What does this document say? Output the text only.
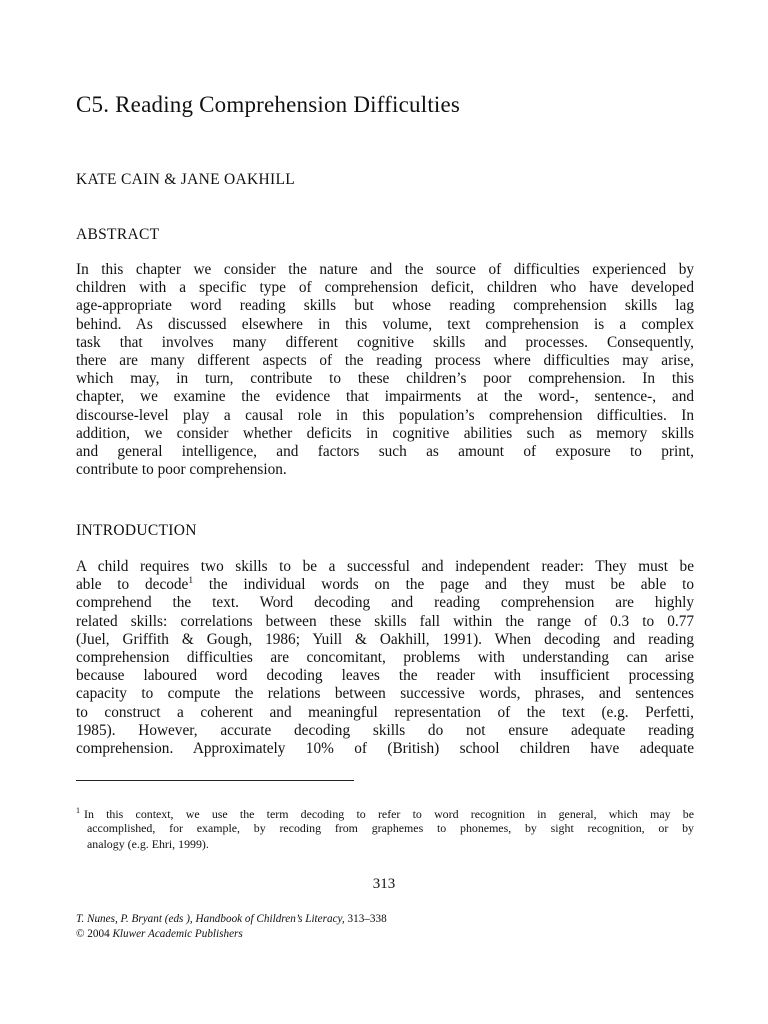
C5. Reading Comprehension Difficulties
KATE CAIN & JANE OAKHILL
ABSTRACT
In this chapter we consider the nature and the source of difficulties experienced by
children with a specific type of comprehension deficit, children who have developed
age-appropriate word reading skills but whose reading comprehension skills lag
behind. As discussed elsewhere in this volume, text comprehension is a complex
task that involves many different cognitive skills and processes. Consequently,
there are many different aspects of the reading process where difficulties may arise,
which may, in turn, contribute to these children’s poor comprehension. In this
chapter, we examine the evidence that impairments at the word-, sentence-, and
discourse-level play a causal role in this population’s comprehension difficulties. In
addition, we consider whether deficits in cognitive abilities such as memory skills
and general intelligence, and factors such as amount of exposure to print,
contribute to poor comprehension.
INTRODUCTION
A child requires two skills to be a successful and independent reader: They must be
able to decode$^1$ the individual words on the page and they must be able to
comprehend the text. Word decoding and reading comprehension are highly
related skills: correlations between these skills fall within the range of 0.3 to 0.77
(Juel, Griffith & Gough, 1986; Yuill & Oakhill, 1991). When decoding and reading
comprehension difficulties are concomitant, problems with understanding can arise
because laboured word decoding leaves the reader with insufficient processing
capacity to compute the relations between successive words, phrases, and sentences
to construct a coherent and meaningful representation of the text (e.g. Perfetti,
1985). However, accurate decoding skills do not ensure adequate reading
comprehension. Approximately 10% of (British) school children have adequate
$^1$ In this context, we use the term decoding to refer to word recognition in general, which may be
accomplished, for example, by recoding from graphemes to phonemes, by sight recognition, or by
analogy (e.g. Ehri, 1999).
313
T. Nunes, P. Bryant (eds ), Handbook of Children’s Literacy, 313–338
© 2004 Kluwer Academic Publishers
